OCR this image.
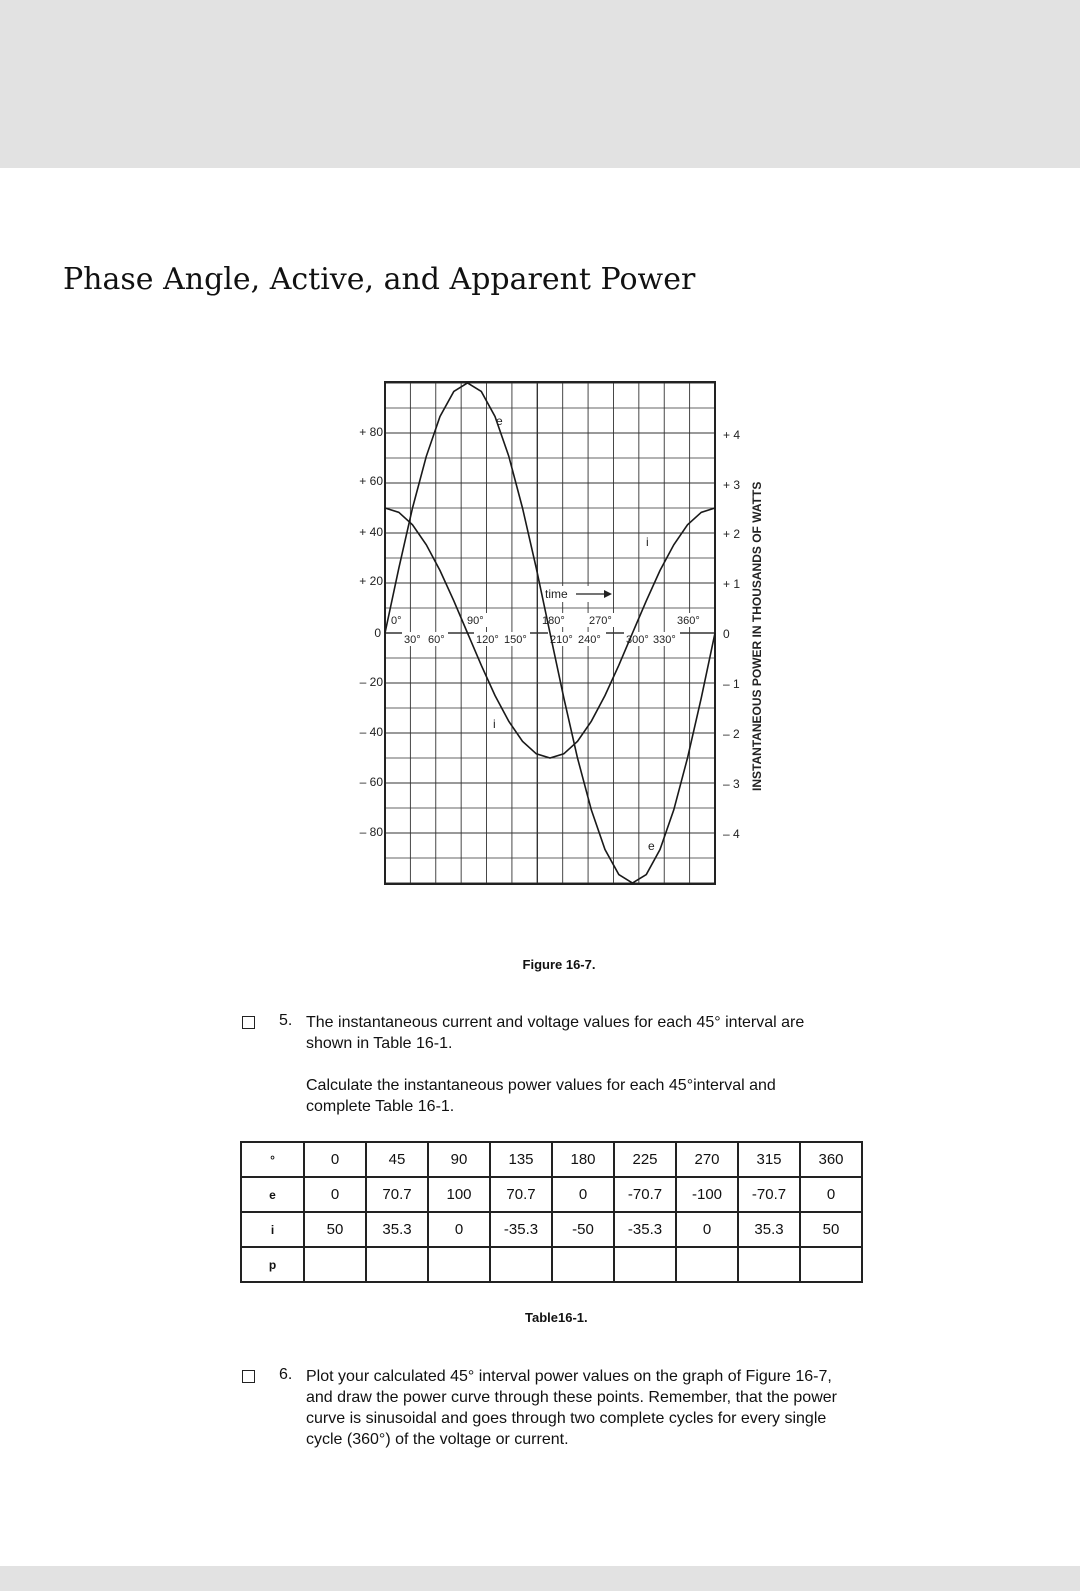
Phase Angle, Active, and Apparent Power
+ 80
+ 60
+ 40
+ 20
0
– 20
– 40
– 60
– 80
+ 4
+ 3
+ 2
+ 1
0
– 1
– 2
– 3
– 4
INSTANTANEOUS POWER IN THOUSANDS OF WATTS
0°	90°	180° 270°	360°
30° 60°	120° 150° 210° 240° 300° 330°
time
e
i
i
e
Figure 16-7.
5. The instantaneous current and voltage values for each 45° interval are
shown in Table 16-1.
Calculate the instantaneous power values for each 45°interval and
complete Table 16-1.
°	0	45	90	135	180	225	270	315	360
e	0	70.7	100	70.7	0	-70.7	-100	-70.7	0
i	50	35.3	0	-35.3	-50	-35.3	0	35.3	50
p									
Table16-1.
6. Plot your calculated 45° interval power values on the graph of Figure 16-7,
and draw the power curve through these points. Remember, that the power
curve is sinusoidal and goes through two complete cycles for every single
cycle (360°) of the voltage or current.
